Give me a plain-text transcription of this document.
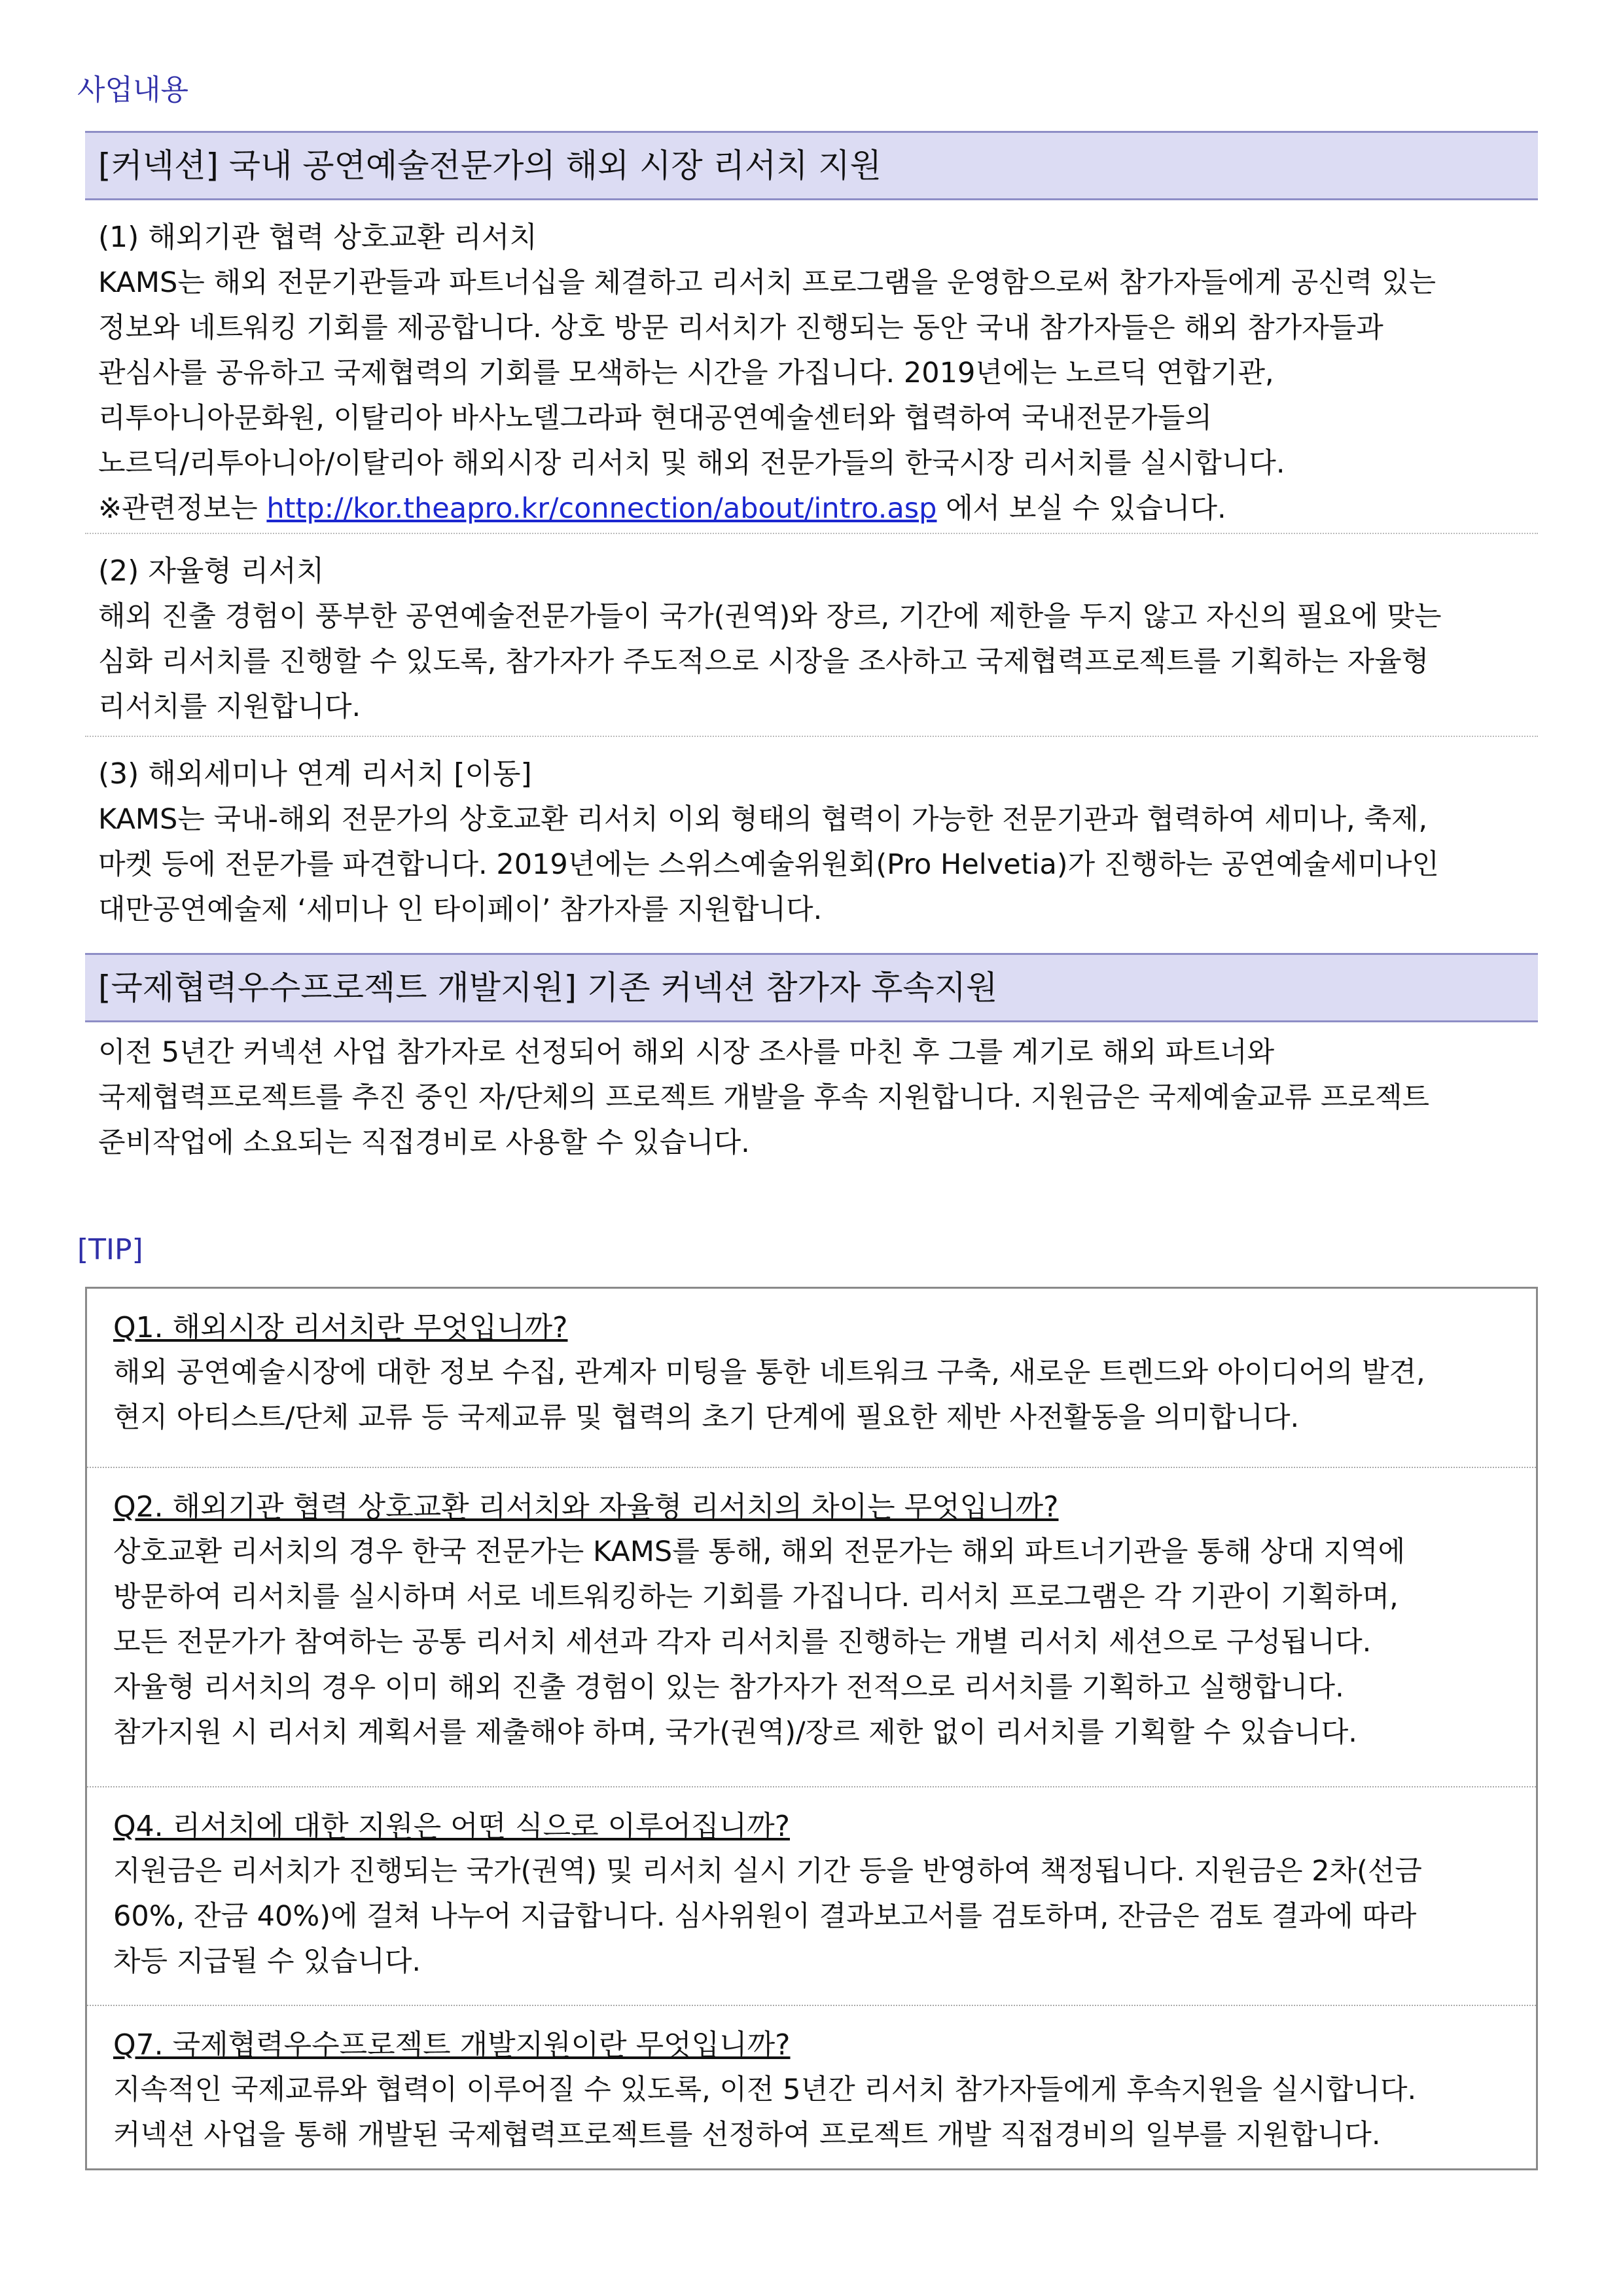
사업내용
[커넥션] 국내 공연예술전문가의 해외 시장 리서치 지원
(1) 해외기관 협력 상호교환 리서치
KAMS는 해외 전문기관들과 파트너십을 체결하고 리서치 프로그램을 운영함으로써 참가자들에게 공신력 있는
정보와 네트워킹 기회를 제공합니다. 상호 방문 리서치가 진행되는 동안 국내 참가자들은 해외 참가자들과
관심사를 공유하고 국제협력의 기회를 모색하는 시간을 가집니다. 2019년에는 노르딕 연합기관,
리투아니아문화원, 이탈리아 바사노델그라파 현대공연예술센터와 협력하여 국내전문가들의
노르딕/리투아니아/이탈리아 해외시장 리서치 및 해외 전문가들의 한국시장 리서치를 실시합니다.
※관련정보는 http://kor.theapro.kr/connection/about/intro.asp 에서 보실 수 있습니다.
(2) 자율형 리서치
해외 진출 경험이 풍부한 공연예술전문가들이 국가(권역)와 장르, 기간에 제한을 두지 않고 자신의 필요에 맞는
심화 리서치를 진행할 수 있도록, 참가자가 주도적으로 시장을 조사하고 국제협력프로젝트를 기획하는 자율형
리서치를 지원합니다.
(3) 해외세미나 연계 리서치 [이동]
KAMS는 국내-해외 전문가의 상호교환 리서치 이외 형태의 협력이 가능한 전문기관과 협력하여 세미나, 축제,
마켓 등에 전문가를 파견합니다. 2019년에는 스위스예술위원회(Pro Helvetia)가 진행하는 공연예술세미나인
대만공연예술제 ‘세미나 인 타이페이’ 참가자를 지원합니다.
[국제협력우수프로젝트 개발지원] 기존 커넥션 참가자 후속지원
이전 5년간 커넥션 사업 참가자로 선정되어 해외 시장 조사를 마친 후 그를 계기로 해외 파트너와
국제협력프로젝트를 추진 중인 자/단체의 프로젝트 개발을 후속 지원합니다. 지원금은 국제예술교류 프로젝트
준비작업에 소요되는 직접경비로 사용할 수 있습니다.
[TIP]
Q1. 해외시장 리서치란 무엇입니까?
해외 공연예술시장에 대한 정보 수집, 관계자 미팅을 통한 네트워크 구축, 새로운 트렌드와 아이디어의 발견,
현지 아티스트/단체 교류 등 국제교류 및 협력의 초기 단계에 필요한 제반 사전활동을 의미합니다.
Q2. 해외기관 협력 상호교환 리서치와 자율형 리서치의 차이는 무엇입니까?
상호교환 리서치의 경우 한국 전문가는 KAMS를 통해, 해외 전문가는 해외 파트너기관을 통해 상대 지역에
방문하여 리서치를 실시하며 서로 네트워킹하는 기회를 가집니다. 리서치 프로그램은 각 기관이 기획하며,
모든 전문가가 참여하는 공통 리서치 세션과 각자 리서치를 진행하는 개별 리서치 세션으로 구성됩니다.
자율형 리서치의 경우 이미 해외 진출 경험이 있는 참가자가 전적으로 리서치를 기획하고 실행합니다.
참가지원 시 리서치 계획서를 제출해야 하며, 국가(권역)/장르 제한 없이 리서치를 기획할 수 있습니다.
Q4. 리서치에 대한 지원은 어떤 식으로 이루어집니까?
지원금은 리서치가 진행되는 국가(권역) 및 리서치 실시 기간 등을 반영하여 책정됩니다. 지원금은 2차(선금
60%, 잔금 40%)에 걸쳐 나누어 지급합니다. 심사위원이 결과보고서를 검토하며, 잔금은 검토 결과에 따라
차등 지급될 수 있습니다.
Q7. 국제협력우수프로젝트 개발지원이란 무엇입니까?
지속적인 국제교류와 협력이 이루어질 수 있도록, 이전 5년간 리서치 참가자들에게 후속지원을 실시합니다.
커넥션 사업을 통해 개발된 국제협력프로젝트를 선정하여 프로젝트 개발 직접경비의 일부를 지원합니다.
